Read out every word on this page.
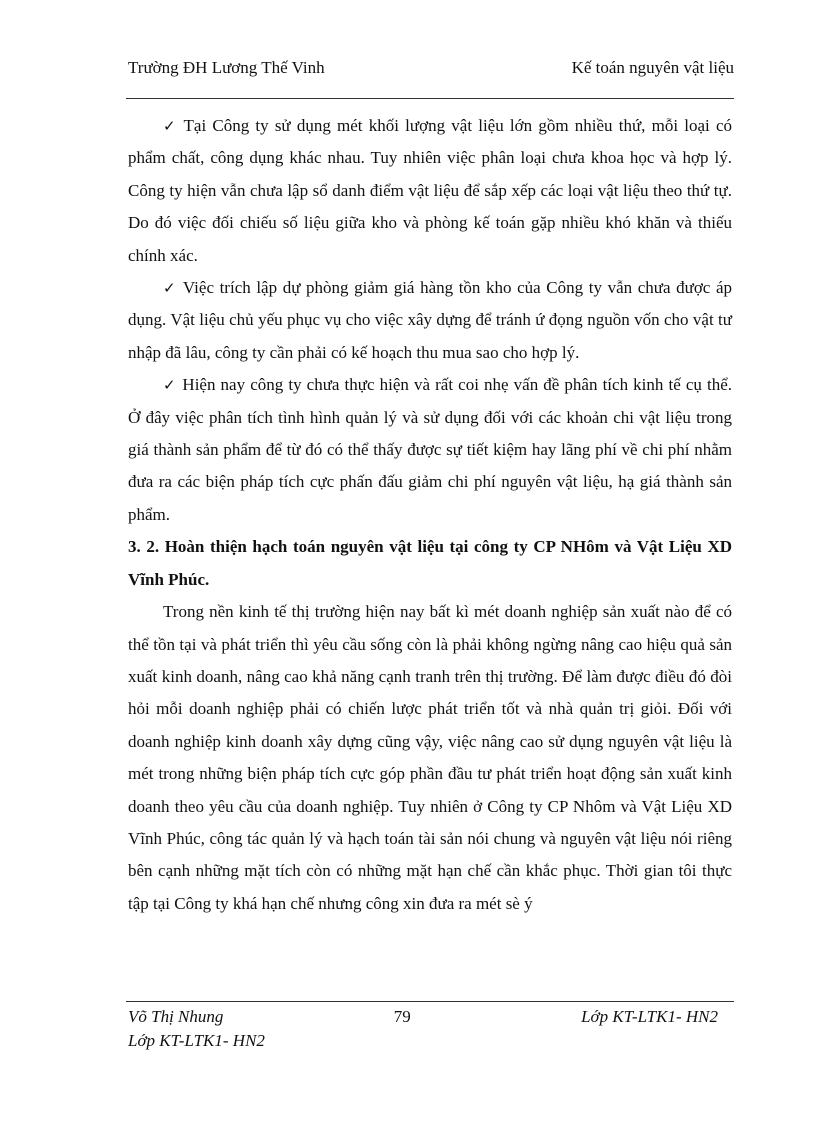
Trường ĐH Lương Thế Vinh	Kế toán nguyên vật liệu

✓ Tại Công ty sử dụng mét khối lượng vật liệu lớn gồm nhiều thứ, mỗi loại có phẩm chất, công dụng khác nhau. Tuy nhiên việc phân loại chưa khoa học và hợp lý. Công ty hiện vẫn chưa lập sổ danh điểm vật liệu để sắp xếp các loại vật liệu theo thứ tự. Do đó việc đối chiếu số liệu giữa kho và phòng kế toán gặp nhiều khó khăn và thiếu chính xác.

✓ Việc trích lập dự phòng giảm giá hàng tồn kho của Công ty vẫn chưa được áp dụng. Vật liệu chủ yếu phục vụ cho việc xây dựng để tránh ứ đọng nguồn vốn cho vật tư nhập đã lâu, công ty cần phải có kế hoạch thu mua sao cho hợp lý.

✓ Hiện nay công ty chưa thực hiện và rất coi nhẹ vấn đề phân tích kinh tế cụ thể. Ở đây việc phân tích tình hình quản lý và sử dụng đối với các khoản chi vật liệu trong giá thành sản phẩm để từ đó có thể thấy được sự tiết kiệm hay lãng phí về chi phí nhằm đưa ra các biện pháp tích cực phấn đấu giảm chi phí nguyên vật liệu, hạ giá thành sản phẩm.

3. 2. Hoàn thiện hạch toán nguyên vật liệu tại công ty CP NHôm và Vật Liệu XD Vĩnh Phúc.

Trong nền kinh tế thị trường hiện nay bất kì mét doanh nghiệp sản xuất nào để có thể tồn tại và phát triển thì yêu cầu sống còn là phải không ngừng nâng cao hiệu quả sản xuất kinh doanh, nâng cao khả năng cạnh tranh trên thị trường. Để làm được điều đó đòi hỏi mỗi doanh nghiệp phải có chiến lược phát triển tốt và nhà quản trị giỏi. Đối với doanh nghiệp kinh doanh xây dựng cũng vậy, việc nâng cao sử dụng nguyên vật liệu là mét trong những biện pháp tích cực góp phần đầu tư phát triển hoạt động sản xuất kinh doanh theo yêu cầu của doanh nghiệp. Tuy nhiên ở Công ty CP Nhôm và Vật Liệu XD Vĩnh Phúc, công tác quản lý và hạch toán tài sản nói chung và nguyên vật liệu nói riêng bên cạnh những mặt tích còn có những mặt hạn chế cần khắc phục. Thời gian tôi thực tập tại Công ty khá hạn chế nhưng công xin đưa ra mét sè ý

Võ Thị Nhung	79	Lớp KT-LTK1- HN2
Lớp KT-LTK1- HN2
